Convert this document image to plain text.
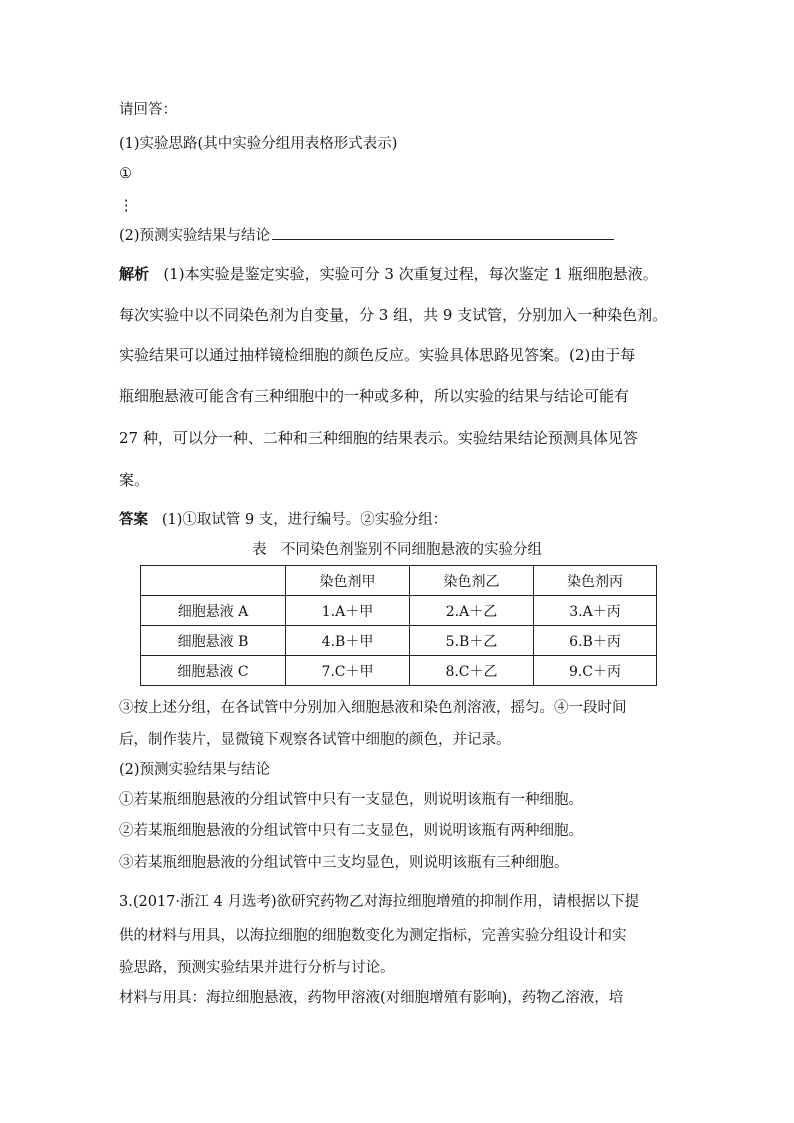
请回答：
(1)实验思路(其中实验分组用表格形式表示)
①
⋮
(2)预测实验结果与结论
解析 (1)本实验是鉴定实验，实验可分 3 次重复过程，每次鉴定 1 瓶细胞悬液。
每次实验中以不同染色剂为自变量，分 3 组，共 9 支试管，分别加入一种染色剂。
实验结果可以通过抽样镜检细胞的颜色反应。实验具体思路见答案。(2)由于每
瓶细胞悬液可能含有三种细胞中的一种或多种，所以实验的结果与结论可能有
27 种，可以分一种、二种和三种细胞的结果表示。实验结果结论预测具体见答
案。
答案 (1)①取试管 9 支，进行编号。②实验分组：
表　不同染色剂鉴别不同细胞悬液的实验分组
	染色剂甲	染色剂乙	染色剂丙
细胞悬液 A	1.A＋甲	2.A＋乙	3.A＋丙
细胞悬液 B	4.B＋甲	5.B＋乙	6.B＋丙
细胞悬液 C	7.C＋甲	8.C＋乙	9.C＋丙
③按上述分组，在各试管中分别加入细胞悬液和染色剂溶液，摇匀。④一段时间
后，制作装片，显微镜下观察各试管中细胞的颜色，并记录。
(2)预测实验结果与结论
①若某瓶细胞悬液的分组试管中只有一支显色，则说明该瓶有一种细胞。
②若某瓶细胞悬液的分组试管中只有二支显色，则说明该瓶有两种细胞。
③若某瓶细胞悬液的分组试管中三支均显色，则说明该瓶有三种细胞。
3.(2017·浙江 4 月选考)欲研究药物乙对海拉细胞增殖的抑制作用，请根据以下提
供的材料与用具，以海拉细胞的细胞数变化为测定指标，完善实验分组设计和实
验思路，预测实验结果并进行分析与讨论。
材料与用具：海拉细胞悬液，药物甲溶液(对细胞增殖有影响)，药物乙溶液，培
